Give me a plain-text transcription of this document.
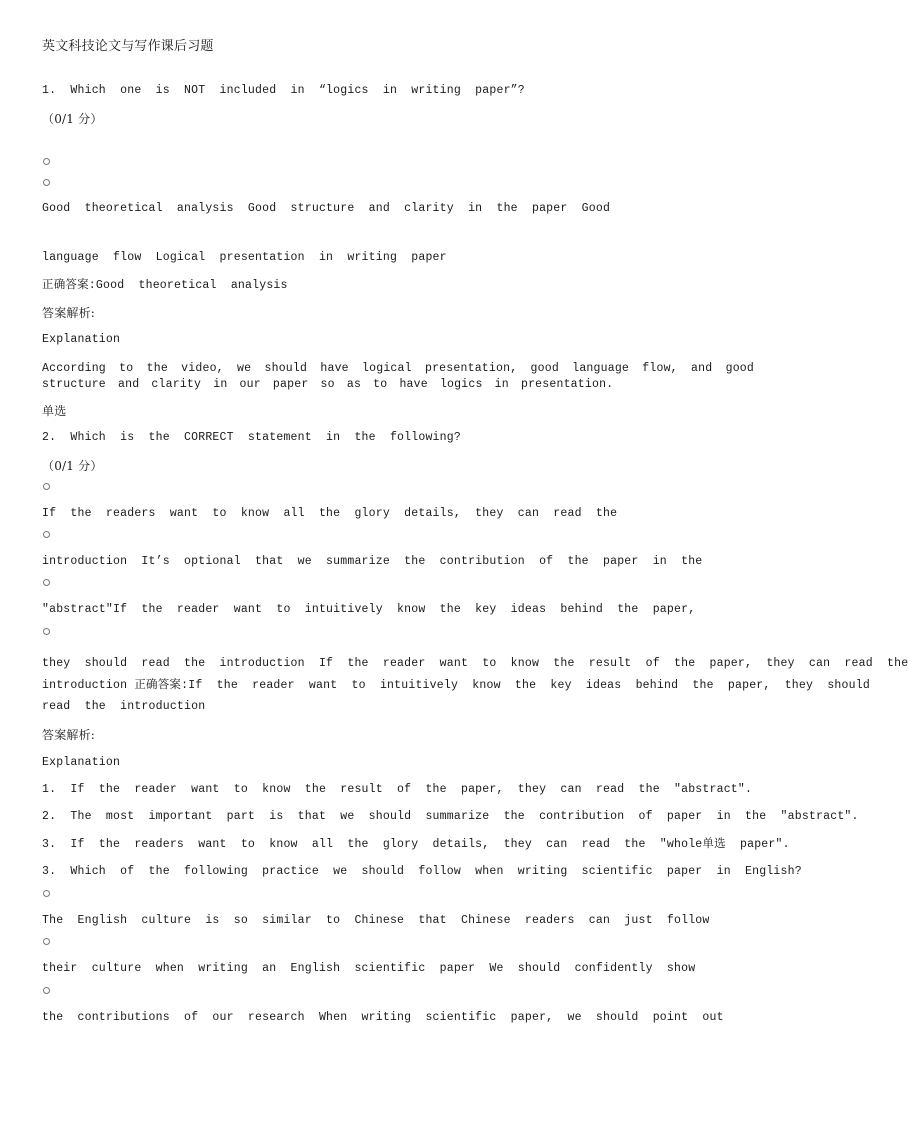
英文科技论文与写作课后习题
1.  Which  one  is  NOT  included  in  “logics  in  writing  paper”?
（0/1 分）
Good  theoretical  analysis  Good  structure  and  clarity  in  the  paper  Good
language  flow  Logical  presentation  in  writing  paper
正确答案:Good  theoretical  analysis
答案解析:
Explanation
According to the video, we should have logical presentation, good language flow, and good structure and clarity in our paper so as to have logics in presentation.
单选
2.  Which  is  the  CORRECT  statement  in  the  following?
（0/1 分）
If  the  readers  want  to  know  all  the  glory  details,  they  can  read  the
introduction  It’s  optional  that  we  summarize  the  contribution  of  the  paper  in  the
"abstract"If  the  reader  want  to  intuitively  know  the  key  ideas  behind  the  paper,
they  should  read  the  introduction  If  the  reader  want  to  know  the  result  of  the  paper,  they  can  read  the
introduction 正确答案:If  the  reader  want  to  intuitively  know  the  key  ideas  behind  the  paper,  they  should
read  the  introduction
答案解析:
Explanation
1.  If  the  reader  want  to  know  the  result  of  the  paper,  they  can  read  the  "abstract".
2.  The  most  important  part  is  that  we  should  summarize  the  contribution  of  paper  in  the  "abstract".
3.  If  the  readers  want  to  know  all  the  glory  details,  they  can  read  the  "whole单选  paper".
3.  Which  of  the  following  practice  we  should  follow  when  writing  scientific  paper  in  English?
The  English  culture  is  so  similar  to  Chinese  that  Chinese  readers  can  just  follow
their  culture  when  writing  an  English  scientific  paper  We  should  confidently  show
the  contributions  of  our  research  When  writing  scientific  paper,  we  should  point  out
